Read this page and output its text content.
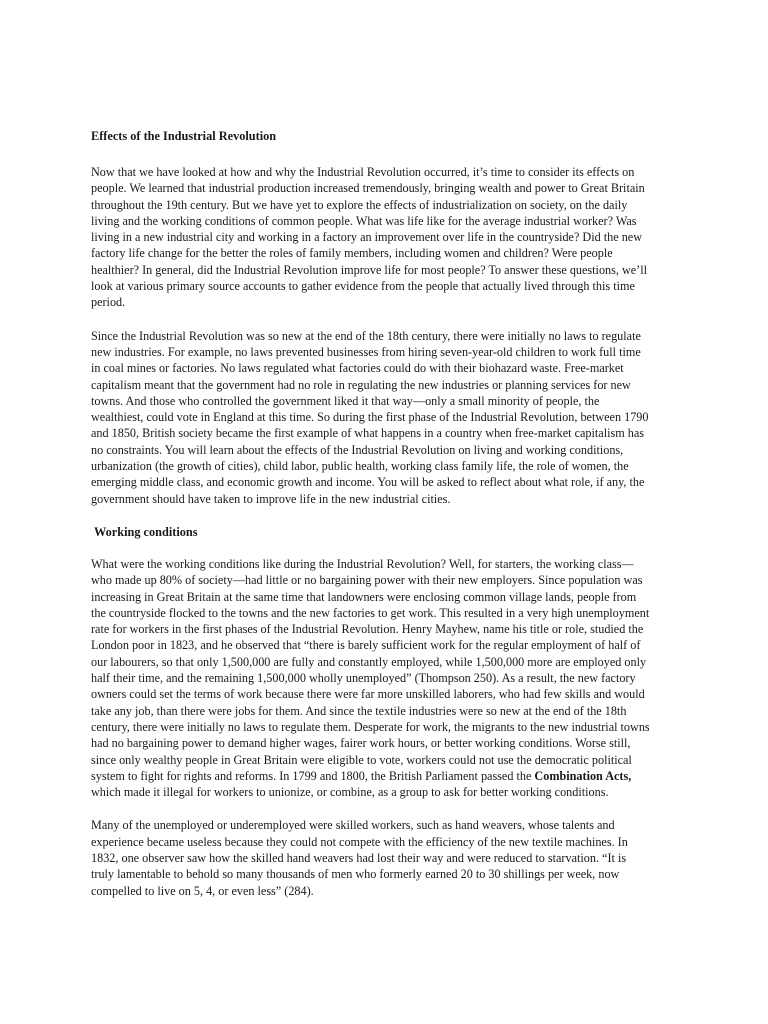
Effects of the Industrial Revolution

Now that we have looked at how and why the Industrial Revolution occurred, it’s time to consider its effects on people. We learned that industrial production increased tremendously, bringing wealth and power to Great Britain throughout the 19th century. But we have yet to explore the effects of industrialization on society, on the daily living and the working conditions of common people. What was life like for the average industrial worker? Was living in a new industrial city and working in a factory an improvement over life in the countryside? Did the new factory life change for the better the roles of family members, including women and children? Were people healthier? In general, did the Industrial Revolution improve life for most people? To answer these questions, we’ll look at various primary source accounts to gather evidence from the people that actually lived through this time period.

Since the Industrial Revolution was so new at the end of the 18th century, there were initially no laws to regulate new industries. For example, no laws prevented businesses from hiring seven-year-old children to work full time in coal mines or factories. No laws regulated what factories could do with their biohazard waste. Free-market capitalism meant that the government had no role in regulating the new industries or planning services for new towns. And those who controlled the government liked it that way—only a small minority of people, the wealthiest, could vote in England at this time. So during the first phase of the Industrial Revolution, between 1790 and 1850, British society became the first example of what happens in a country when free-market capitalism has no constraints. You will learn about the effects of the Industrial Revolution on living and working conditions, urbanization (the growth of cities), child labor, public health, working class family life, the role of women, the emerging middle class, and economic growth and income. You will be asked to reflect about what role, if any, the government should have taken to improve life in the new industrial cities.

Working conditions

What were the working conditions like during the Industrial Revolution? Well, for starters, the working class—who made up 80% of society—had little or no bargaining power with their new employers. Since population was increasing in Great Britain at the same time that landowners were enclosing common village lands, people from the countryside flocked to the towns and the new factories to get work. This resulted in a very high unemployment rate for workers in the first phases of the Industrial Revolution. Henry Mayhew, name his title or role, studied the London poor in 1823, and he observed that “there is barely sufficient work for the regular employment of half of our labourers, so that only 1,500,000 are fully and constantly employed, while 1,500,000 more are employed only half their time, and the remaining 1,500,000 wholly unemployed” (Thompson 250). As a result, the new factory owners could set the terms of work because there were far more unskilled laborers, who had few skills and would take any job, than there were jobs for them. And since the textile industries were so new at the end of the 18th century, there were initially no laws to regulate them. Desperate for work, the migrants to the new industrial towns had no bargaining power to demand higher wages, fairer work hours, or better working conditions. Worse still, since only wealthy people in Great Britain were eligible to vote, workers could not use the democratic political system to fight for rights and reforms. In 1799 and 1800, the British Parliament passed the Combination Acts, which made it illegal for workers to unionize, or combine, as a group to ask for better working conditions.

Many of the unemployed or underemployed were skilled workers, such as hand weavers, whose talents and experience became useless because they could not compete with the efficiency of the new textile machines. In 1832, one observer saw how the skilled hand weavers had lost their way and were reduced to starvation. “It is truly lamentable to behold so many thousands of men who formerly earned 20 to 30 shillings per week, now compelled to live on 5, 4, or even less” (284).
